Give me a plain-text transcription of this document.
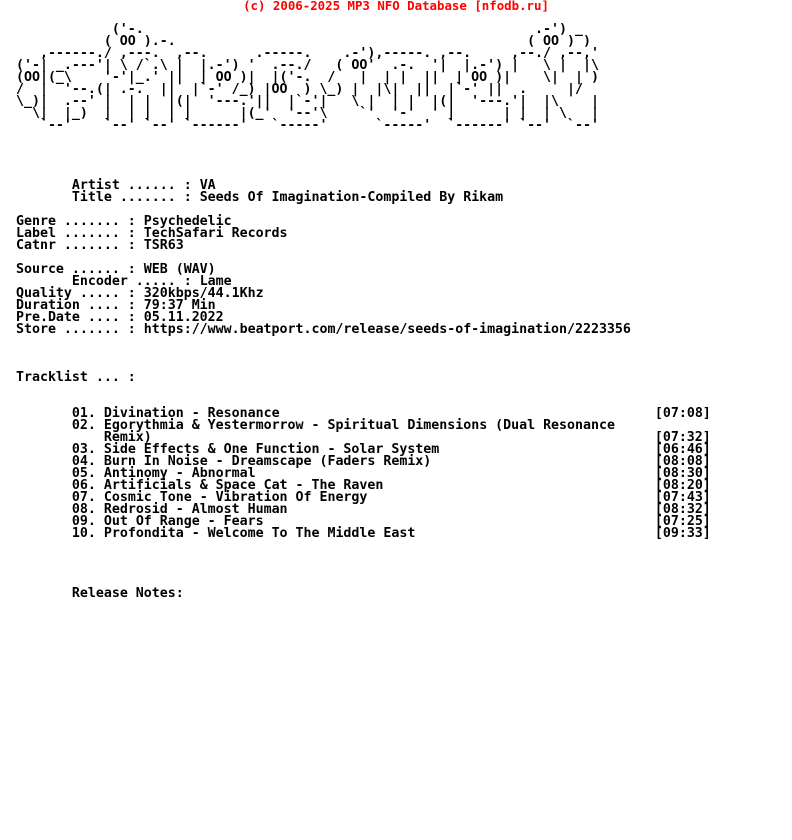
(c) 2006-2025 MP3 NFO Database [nfodb.ru]
('-.                                                 .-') _
( OO ).-.                                            ( OO ) )
,------./ ,---.  ,--.      .-----.    .-'),-----. ,--.     ,--./ ,--,'
('-| _.---'| \ /`.\ |  |.-') '  .--./   ( OO'  .-.  '|  |.-') |   \ |  |\
(OO|(_\    '-'|_.' ||  | OO )|  |('-.  /   |  | |  ||  | OO )|    \|  | )
/  |  '--.(| .-.  ||  |`-' /_) |OO  ) \_) |  |\|  ||  |`-' ||  .     |/
\_)|  .--' |  | |  |(|  '---.'||  |`-'|   \ |  | |  |(|  '---.'|  |\    |
\|  |_)  |  | |  | |      |(_'  '--'\    `'  '-'  ' |      | |  | \   |
`--'    `--' `--' `------'   `-----'      `-----'  `------' `--'  `--'

Artist ...... : VA
Title ....... : Seeds Of Imagination-Compiled By Rikam

Genre ....... : Psychedelic
Label ....... : TechSafari Records
Catnr ....... : TSR63

Source ...... : WEB (WAV)
Encoder ..... : Lame
Quality ..... : 320kbps/44.1Khz
Duration .... : 79:37 Min
Pre.Date .... : 05.11.2022
Store ....... : https://www.beatport.com/release/seeds-of-imagination/2223356

Tracklist ... :

01. Divination - Resonance	[07:08]
02. Egorythmia & Yestermorrow - Spiritual Dimensions (Dual Resonance
Remix)	[07:32]
03. Side Effects & One Function - Solar System	[06:46]
04. Burn In Noise - Dreamscape (Faders Remix)	[08:08]
05. Antinomy - Abnormal	[08:30]
06. Artificials & Space Cat - The Raven	[08:20]
07. Cosmic Tone - Vibration Of Energy	[07:43]
08. Redrosid - Almost Human	[08:32]
09. Out Of Range - Fears	[07:25]
10. Profondita - Welcome To The Middle East	[09:33]

Release Notes:
